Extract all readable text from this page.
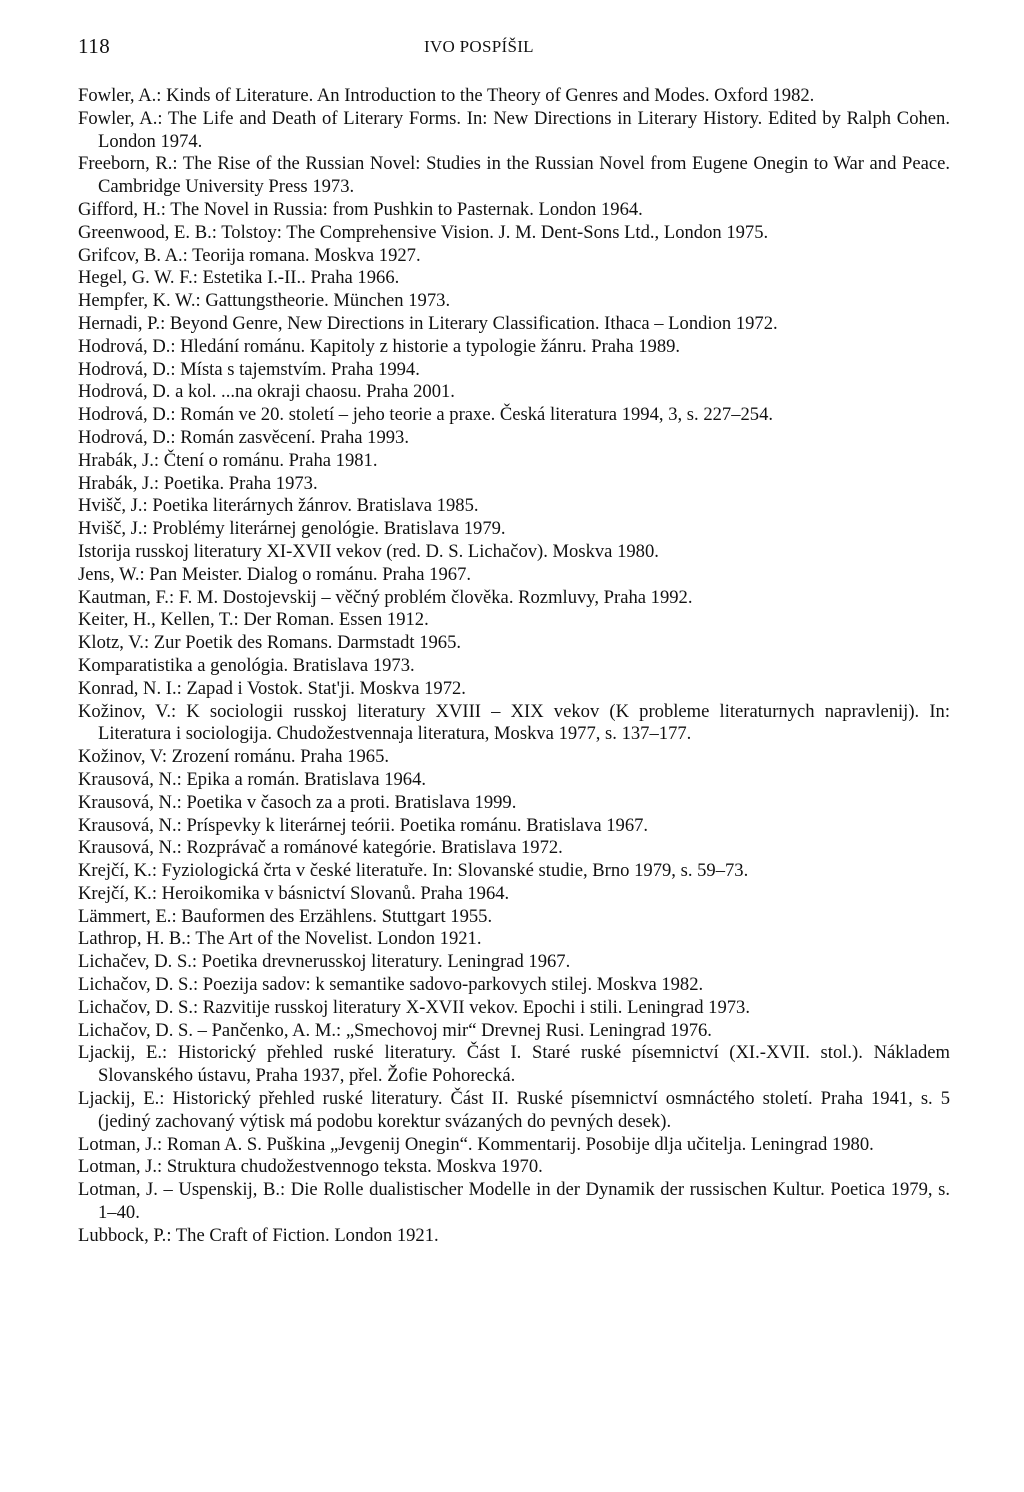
118	IVO POSPÍŠIL
Fowler, A.: Kinds of Literature. An Introduction to the Theory of Genres and Modes. Oxford 1982.
Fowler, A.: The Life and Death of Literary Forms. In: New Directions in Literary History. Edited by Ralph Cohen. London 1974.
Freeborn, R.: The Rise of the Russian Novel: Studies in the Russian Novel from Eugene Onegin to War and Peace. Cambridge University Press 1973.
Gifford, H.: The Novel in Russia: from Pushkin to Pasternak. London 1964.
Greenwood, E. B.: Tolstoy: The Comprehensive Vision. J. M. Dent-Sons Ltd., London 1975.
Grifcov, B. A.: Teorija romana. Moskva 1927.
Hegel, G. W. F.: Estetika I.-II.. Praha 1966.
Hempfer, K. W.: Gattungstheorie. München 1973.
Hernadi, P.: Beyond Genre, New Directions in Literary Classification. Ithaca – Londion 1972.
Hodrová, D.: Hledání románu. Kapitoly z historie a typologie žánru. Praha 1989.
Hodrová, D.: Místa s tajemstvím. Praha 1994.
Hodrová, D. a kol. ...na okraji chaosu. Praha 2001.
Hodrová, D.: Román ve 20. století – jeho teorie a praxe. Česká literatura 1994, 3, s. 227–254.
Hodrová, D.: Román zasvěcení. Praha 1993.
Hrabák, J.: Čtení o románu. Praha 1981.
Hrabák, J.: Poetika. Praha 1973.
Hvišč, J.: Poetika literárnych žánrov. Bratislava 1985.
Hvišč, J.: Problémy literárnej genológie. Bratislava 1979.
Istorija russkoj literatury XI-XVII vekov (red. D. S. Lichačov). Moskva 1980.
Jens, W.: Pan Meister. Dialog o románu. Praha 1967.
Kautman, F.: F. M. Dostojevskij – věčný problém člověka. Rozmluvy, Praha 1992.
Keiter, H., Kellen, T.: Der Roman. Essen 1912.
Klotz, V.: Zur Poetik des Romans. Darmstadt 1965.
Komparatistika a genológia. Bratislava 1973.
Konrad, N. I.: Zapad i Vostok. Stat'ji. Moskva 1972.
Kožinov, V.: K sociologii russkoj literatury XVIII – XIX vekov (K probleme literaturnych napravlenij). In: Literatura i sociologija. Chudožestvennaja literatura, Moskva 1977, s. 137–177.
Kožinov, V: Zrození románu. Praha 1965.
Krausová, N.: Epika a román. Bratislava 1964.
Krausová, N.: Poetika v časoch za a proti. Bratislava 1999.
Krausová, N.: Príspevky k literárnej teórii. Poetika románu. Bratislava 1967.
Krausová, N.: Rozprávač a románové kategórie. Bratislava 1972.
Krejčí, K.: Fyziologická črta v české literatuře. In: Slovanské studie, Brno 1979, s. 59–73.
Krejčí, K.: Heroikomika v básnictví Slovanů. Praha 1964.
Lämmert, E.: Bauformen des Erzählens. Stuttgart 1955.
Lathrop, H. B.: The Art of the Novelist. London 1921.
Lichačev, D. S.: Poetika drevnerusskoj literatury. Leningrad 1967.
Lichačov, D. S.: Poezija sadov: k semantike sadovo-parkovych stilej. Moskva 1982.
Lichačov, D. S.: Razvitije russkoj literatury X-XVII vekov. Epochi i stili. Leningrad 1973.
Lichačov, D. S. – Pančenko, A. M.: „Smechovoj mir“ Drevnej Rusi. Leningrad 1976.
Ljackij, E.: Historický přehled ruské literatury. Část I. Staré ruské písemnictví (XI.-XVII. stol.). Nákladem Slovanského ústavu, Praha 1937, přel. Žofie Pohorecká.
Ljackij, E.: Historický přehled ruské literatury. Část II. Ruské písemnictví osmnáctého století. Praha 1941, s. 5 (jediný zachovaný výtisk má podobu korektur svázaných do pevných desek).
Lotman, J.: Roman A. S. Puškina „Jevgenij Onegin“. Kommentarij. Posobije dlja učitelja. Leningrad 1980.
Lotman, J.: Struktura chudožestvennogo teksta. Moskva 1970.
Lotman, J. – Uspenskij, B.: Die Rolle dualistischer Modelle in der Dynamik der russischen Kultur. Poetica 1979, s. 1–40.
Lubbock, P.: The Craft of Fiction. London 1921.
